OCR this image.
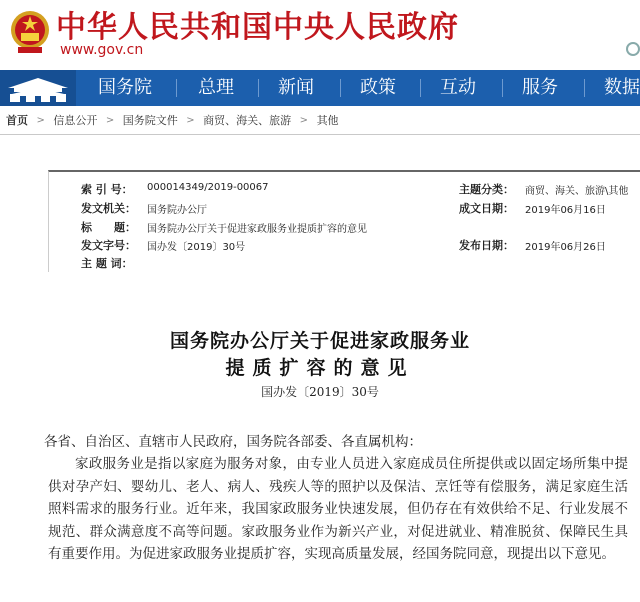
中华人民共和国中央人民政府
www.gov.cn
国务院	总理 新闻	政策 互动	服务	数据
首页 > 信息公开 > 国务院文件 > 商贸、海关、旅游 > 其他
索 引 号： 000014349/2019-00067	主题分类： 商贸、海关、旅游\其他
发文机关： 国务院办公厅	成文日期： 2019年06月16日
标　　题： 国务院办公厅关于促进家政服务业提质扩容的意见
发文字号： 国办发〔2019〕30号	发布日期： 2019年06月26日
主 题 词：
国务院办公厅关于促进家政服务业
提质扩容的意见
国办发〔2019〕30号
各省、自治区、直辖市人民政府，国务院各部委、各直属机构：
家政服务业是指以家庭为服务对象，由专业人员进入家庭成员住所提供或以固定场所集中提供对孕产妇、婴幼儿、老人、病人、残疾人等的照护以及保洁、烹饪等有偿服务，满足家庭生活照料需求的服务行业。近年来，我国家政服务业快速发展，但仍存在有效供给不足、行业发展不规范、群众满意度不高等问题。家政服务业作为新兴产业，对促进就业、精准脱贫、保障民生具有重要作用。为促进家政服务业提质扩容，实现高质量发展，经国务院同意，现提出以下意见。
